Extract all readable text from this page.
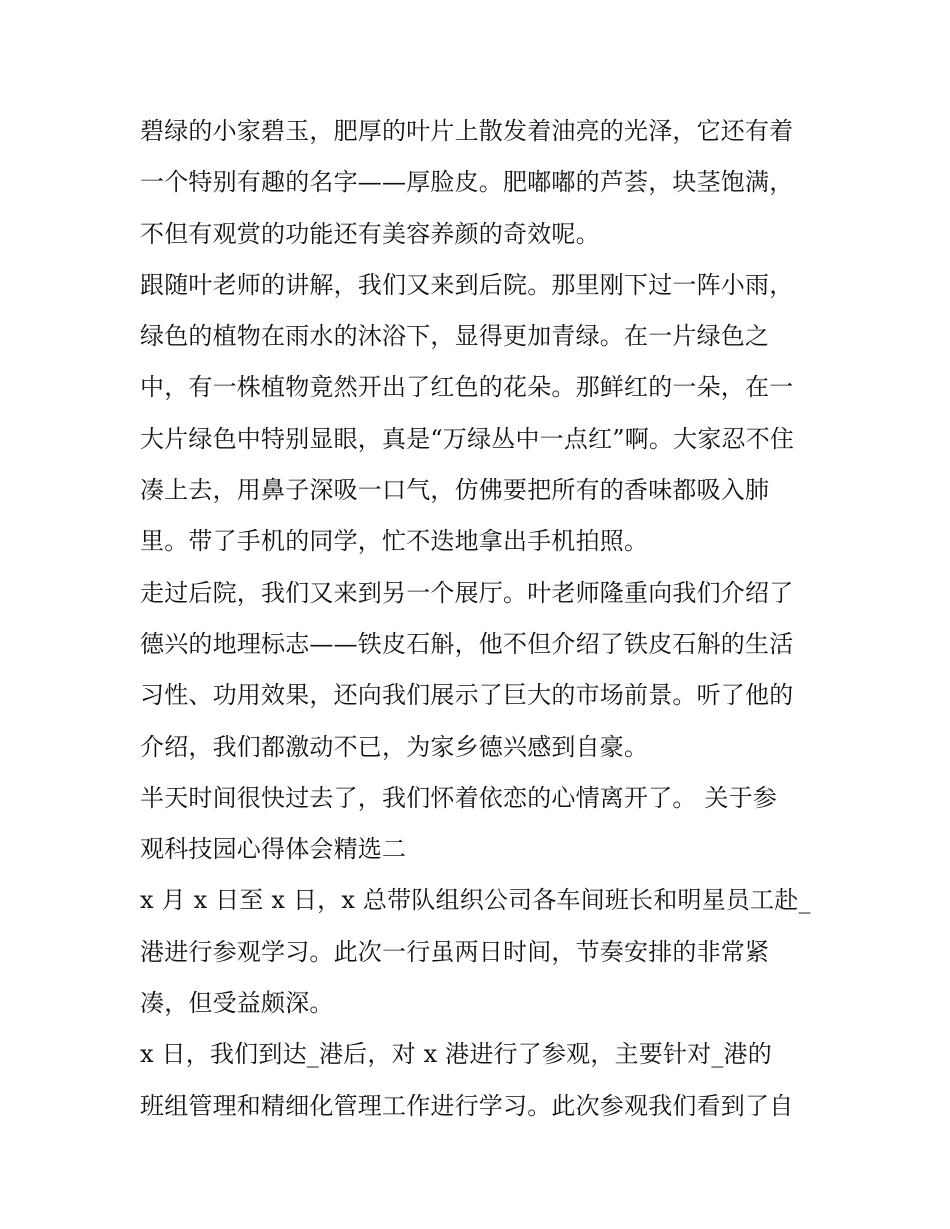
碧绿的小家碧玉，肥厚的叶片上散发着油亮的光泽，它还有着
一个特别有趣的名字——厚脸皮。肥嘟嘟的芦荟，块茎饱满，
不但有观赏的功能还有美容养颜的奇效呢。
跟随叶老师的讲解，我们又来到后院。那里刚下过一阵小雨，
绿色的植物在雨水的沐浴下，显得更加青绿。在一片绿色之
中，有一株植物竟然开出了红色的花朵。那鲜红的一朵，在一
大片绿色中特别显眼，真是“万绿丛中一点红”啊。大家忍不住
凑上去，用鼻子深吸一口气，仿佛要把所有的香味都吸入肺
里。带了手机的同学，忙不迭地拿出手机拍照。
走过后院，我们又来到另一个展厅。叶老师隆重向我们介绍了
德兴的地理标志——铁皮石斛，他不但介绍了铁皮石斛的生活
习性、功用效果，还向我们展示了巨大的市场前景。听了他的
介绍，我们都激动不已，为家乡德兴感到自豪。
半天时间很快过去了，我们怀着依恋的心情离开了。 关于参
观科技园心得体会精选二
x 月 x 日至 x 日，x 总带队组织公司各车间班长和明星员工赴_
港进行参观学习。此次一行虽两日时间，节奏安排的非常紧
凑，但受益颇深。
x 日，我们到达_港后，对 x 港进行了参观，主要针对_港的
班组管理和精细化管理工作进行学习。此次参观我们看到了自
